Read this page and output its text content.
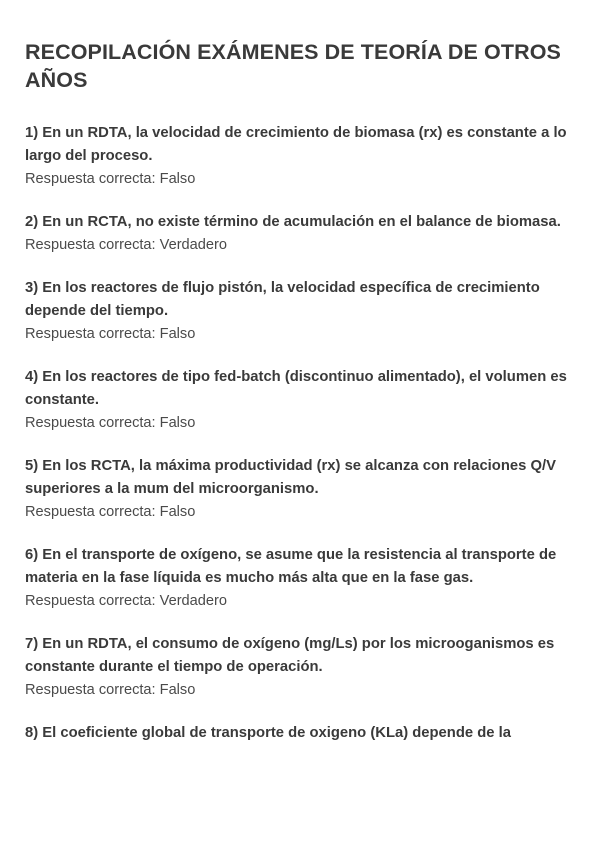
RECOPILACIÓN EXÁMENES DE TEORÍA DE OTROS AÑOS

1) En un RDTA, la velocidad de crecimiento de biomasa (rx) es constante a lo largo del proceso.

Respuesta correcta: Falso

2) En un RCTA, no existe término de acumulación en el balance de biomasa.

Respuesta correcta: Verdadero

3) En los reactores de flujo pistón, la velocidad específica de crecimiento depende del tiempo.

Respuesta correcta: Falso

4) En los reactores de tipo fed-batch (discontinuo alimentado), el volumen es constante.

Respuesta correcta: Falso

5) En los RCTA, la máxima productividad (rx) se alcanza con relaciones Q/V superiores a la mum del microorganismo.

Respuesta correcta: Falso

6) En el transporte de oxígeno, se asume que la resistencia al transporte de materia en la fase líquida es mucho más alta que en la fase gas.

Respuesta correcta: Verdadero

7) En un RDTA, el consumo de oxígeno (mg/Ls) por los microoganismos es constante durante el tiempo de operación.

Respuesta correcta: Falso

8) El coeficiente global de transporte de oxigeno (KLa) depende de la
